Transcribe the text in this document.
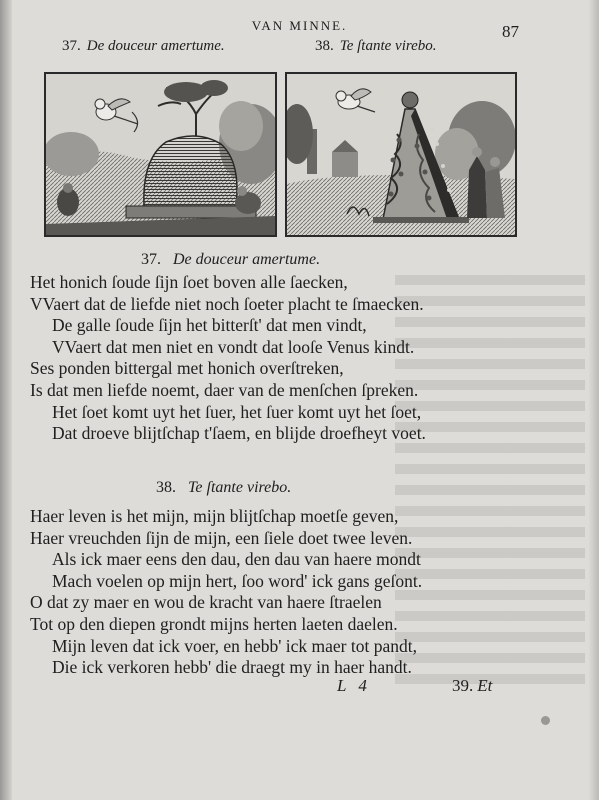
VAN MINNE.	87
37. De douceur amertume.	38. Te ſtante virebo.
37. De douceur amertume.
Het honich ſoude ſijn ſoet boven alle ſaecken,
VVaert dat de liefde niet noch ſoeter placht te ſmaecken.
De galle ſoude ſijn het bitterſt' dat men vindt,
VVaert dat men niet en vondt dat looſe Venus kindt.
Ses ponden bittergal met honich overſtreken,
Is dat men liefde noemt, daer van de menſchen ſpreken.
Het ſoet komt uyt het ſuer, het ſuer komt uyt het ſoet,
Dat droeve blijtſchap t'ſaem, en blijde droefheyt voet.
38. Te ſtante virebo.
Haer leven is het mijn, mijn blijtſchap moetſe geven,
Haer vreuchden ſijn de mijn, een ſiele doet twee leven.
Als ick maer eens den dau, den dau van haere mondt
Mach voelen op mijn hert, ſoo word' ick gans geſont.
O dat zy maer en wou de kracht van haere ſtraelen
Tot op den diepen grondt mijns herten laeten daelen.
Mijn leven dat ick voer, en hebb' ick maer tot pandt,
Die ick verkoren hebb' die draegt my in haer handt.
L 4	39. Et
